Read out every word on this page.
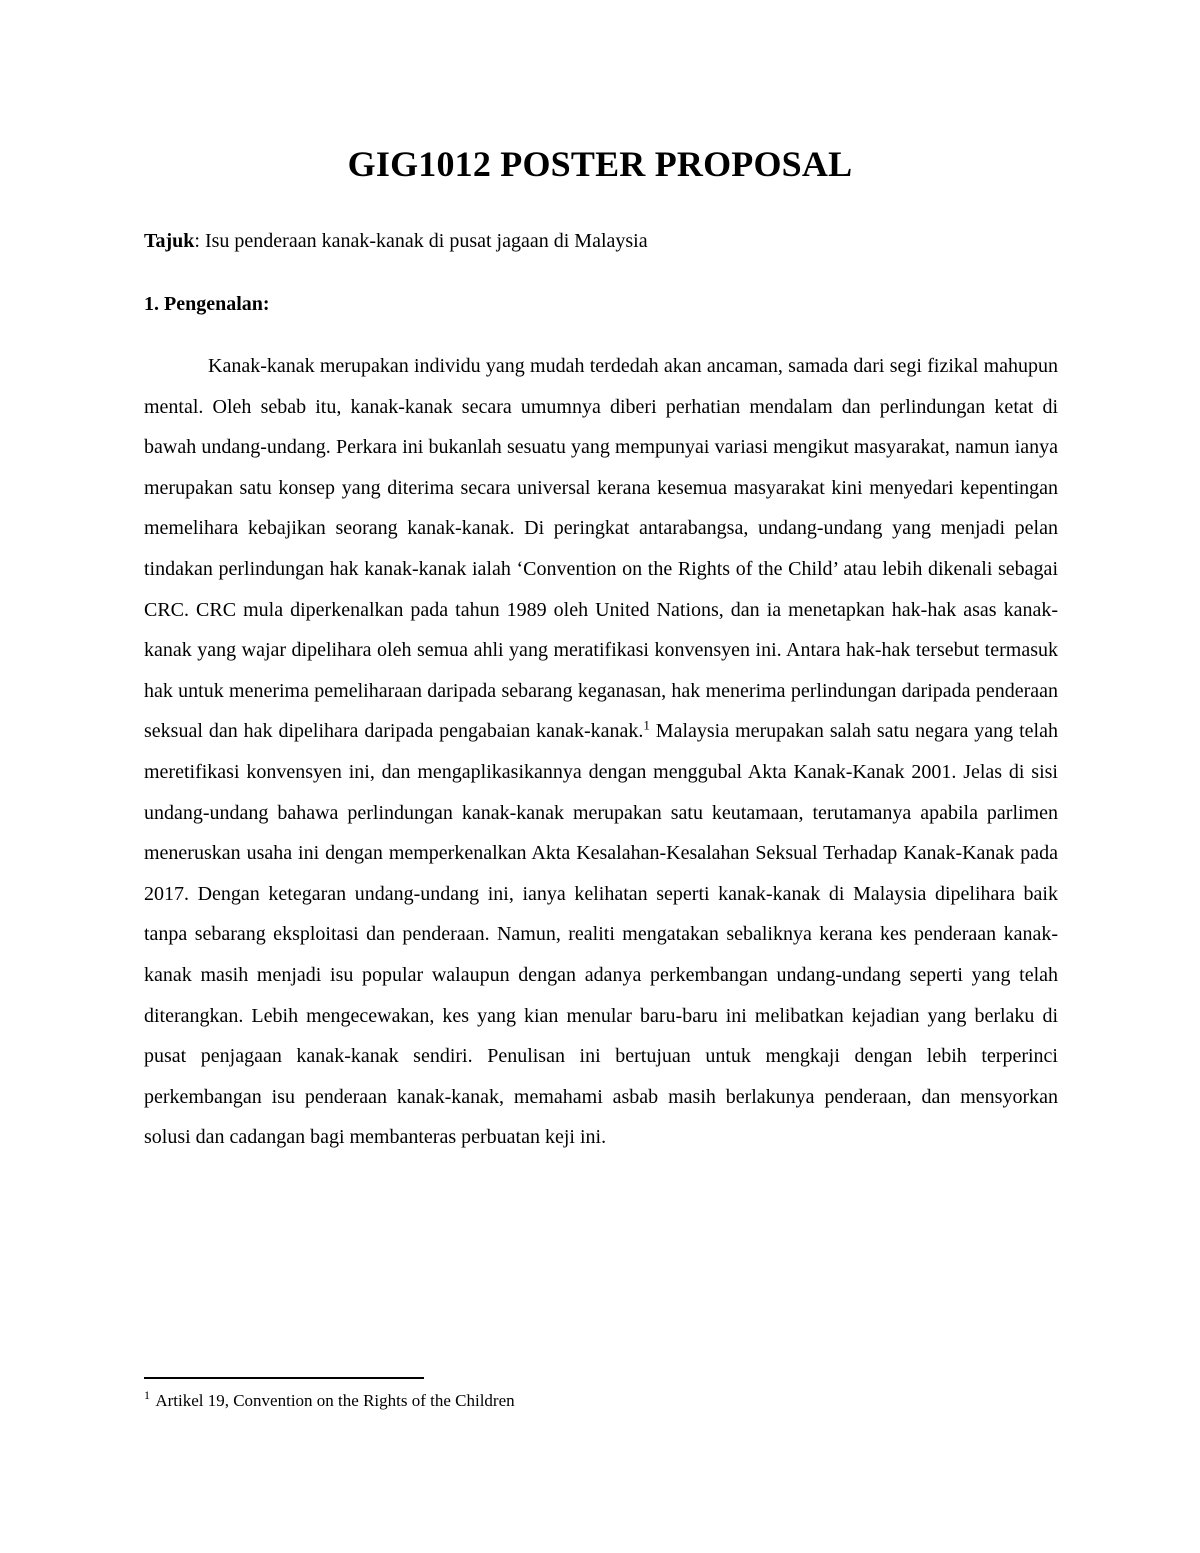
GIG1012 POSTER PROPOSAL

Tajuk: Isu penderaan kanak-kanak di pusat jagaan di Malaysia

1. Pengenalan:

Kanak-kanak merupakan individu yang mudah terdedah akan ancaman, samada dari segi fizikal mahupun mental. Oleh sebab itu, kanak-kanak secara umumnya diberi perhatian mendalam dan perlindungan ketat di bawah undang-undang. Perkara ini bukanlah sesuatu yang mempunyai variasi mengikut masyarakat, namun ianya merupakan satu konsep yang diterima secara universal kerana kesemua masyarakat kini menyedari kepentingan memelihara kebajikan seorang kanak-kanak. Di peringkat antarabangsa, undang-undang yang menjadi pelan tindakan perlindungan hak kanak-kanak ialah ‘Convention on the Rights of the Child’ atau lebih dikenali sebagai CRC. CRC mula diperkenalkan pada tahun 1989 oleh United Nations, dan ia menetapkan hak-hak asas kanak-kanak yang wajar dipelihara oleh semua ahli yang meratifikasi konvensyen ini. Antara hak-hak tersebut termasuk hak untuk menerima pemeliharaan daripada sebarang keganasan, hak menerima perlindungan daripada penderaan seksual dan hak dipelihara daripada pengabaian kanak-kanak.$^1$ Malaysia merupakan salah satu negara yang telah meretifikasi konvensyen ini, dan mengaplikasikannya dengan menggubal Akta Kanak-Kanak 2001. Jelas di sisi undang-undang bahawa perlindungan kanak-kanak merupakan satu keutamaan, terutamanya apabila parlimen meneruskan usaha ini dengan memperkenalkan Akta Kesalahan-Kesalahan Seksual Terhadap Kanak-Kanak pada 2017. Dengan ketegaran undang-undang ini, ianya kelihatan seperti kanak-kanak di Malaysia dipelihara baik tanpa sebarang eksploitasi dan penderaan. Namun, realiti mengatakan sebaliknya kerana kes penderaan kanak-kanak masih menjadi isu popular walaupun dengan adanya perkembangan undang-undang seperti yang telah diterangkan. Lebih mengecewakan, kes yang kian menular baru-baru ini melibatkan kejadian yang berlaku di pusat penjagaan kanak-kanak sendiri. Penulisan ini bertujuan untuk mengkaji dengan lebih terperinci perkembangan isu penderaan kanak-kanak, memahami asbab masih berlakunya penderaan, dan mensyorkan solusi dan cadangan bagi membanteras perbuatan keji ini.

$^1$ Artikel 19, Convention on the Rights of the Children
